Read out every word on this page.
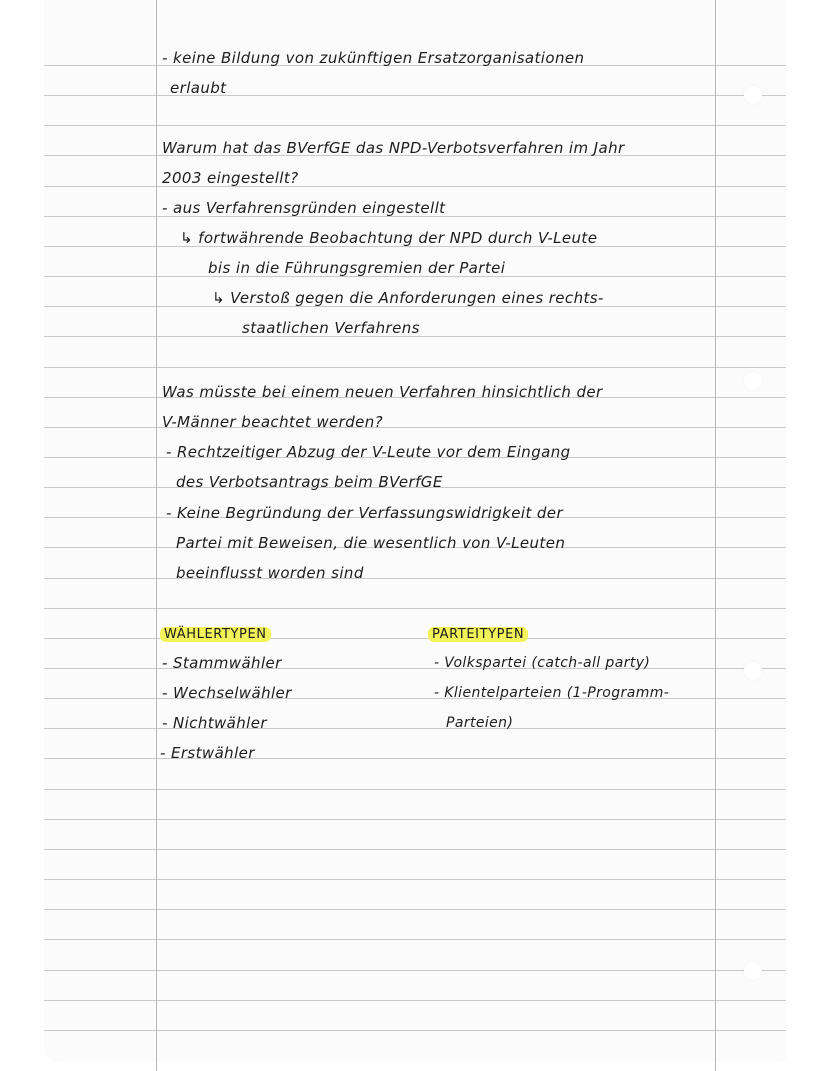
- keine Bildung von zukünftigen Ersatzorganisationen
erlaubt
Warum hat das BVerfGE das NPD-Verbotsverfahren im Jahr
2003 eingestellt?
- aus Verfahrensgründen eingestellt
↳ fortwährende Beobachtung der NPD durch V-Leute
bis in die Führungsgremien der Partei
↳ Verstoß gegen die Anforderungen eines rechts-
staatlichen Verfahrens
Was müsste bei einem neuen Verfahren hinsichtlich der
V-Männer beachtet werden?
- Rechtzeitiger Abzug der V-Leute vor dem Eingang
des Verbotsantrags beim BVerfGE
- Keine Begründung der Verfassungswidrigkeit der
Partei mit Beweisen, die wesentlich von V-Leuten
beeinflusst worden sind
WÄHLERTYPEN
- Stammwähler
- Wechselwähler
- Nichtwähler
- Erstwähler
PARTEITYPEN
- Volkspartei (catch-all party)
- Klientelparteien (1-Programm-
Parteien)
